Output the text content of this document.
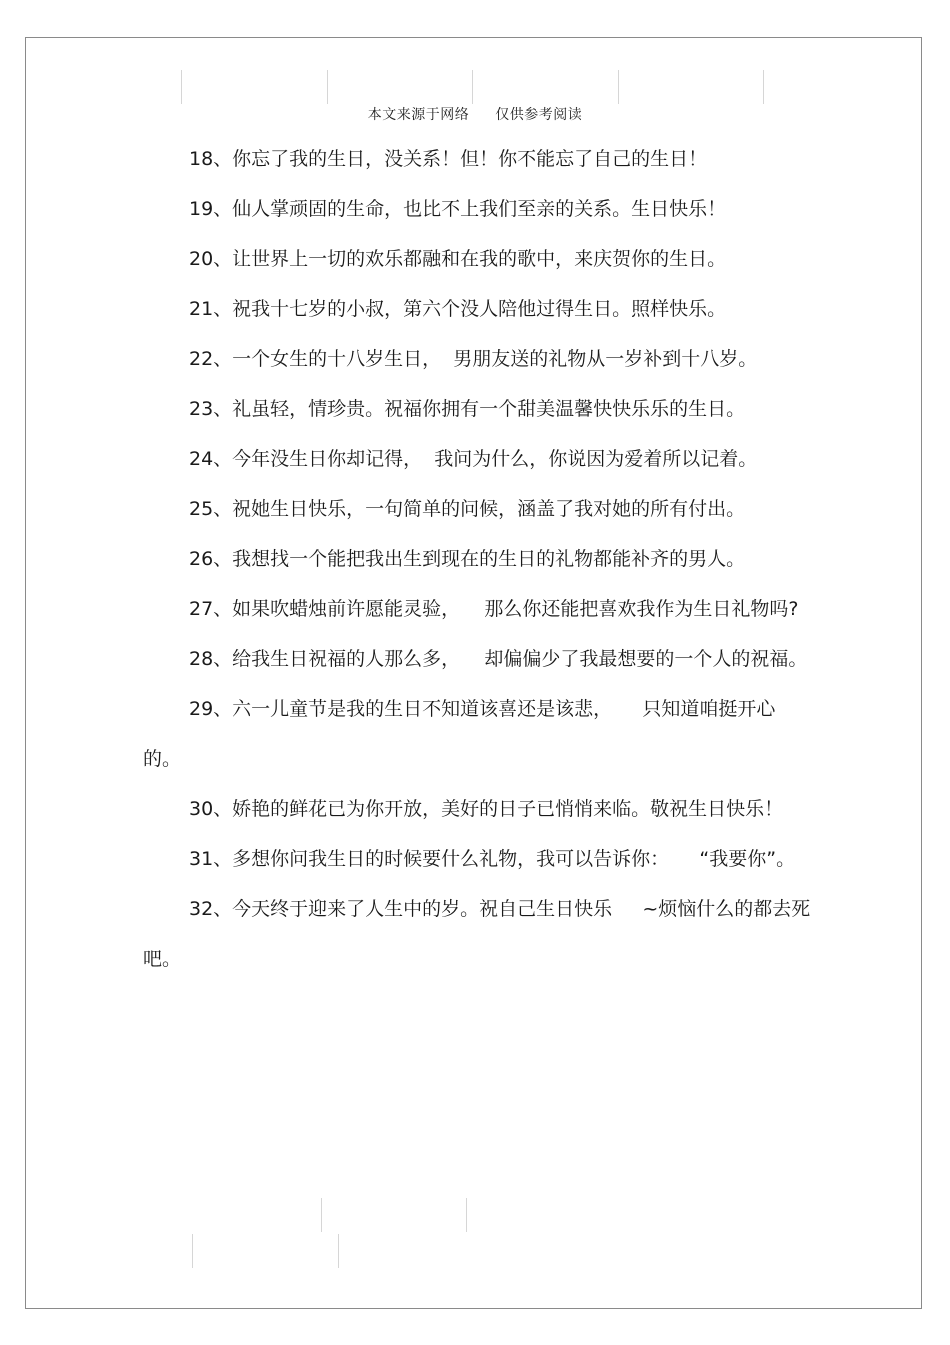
本文来源于网络 仅供参考阅读

18、你忘了我的生日，没关系！但！你不能忘了自己的生日！

19、仙人掌顽固的生命，也比不上我们至亲的关系。生日快乐！

20、让世界上一切的欢乐都融和在我的歌中，来庆贺你的生日。

21、祝我十七岁的小叔，第六个没人陪他过得生日。照样快乐。

22、一个女生的十八岁生日，  男朋友送的礼物从一岁补到十八岁。

23、礼虽轻，情珍贵。祝福你拥有一个甜美温馨快快乐乐的生日。

24、今年没生日你却记得，  我问为什么，你说因为爱着所以记着。

25、祝她生日快乐，一句简单的问候，涵盖了我对她的所有付出。

26、我想找一个能把我出生到现在的生日的礼物都能补齐的男人。

27、如果吹蜡烛前许愿能灵验，    那么你还能把喜欢我作为生日礼物吗?

28、给我生日祝福的人那么多，    却偏偏少了我最想要的一个人的祝福。

29、六一儿童节是我的生日不知道该喜还是该悲，     只知道咱挺开心的。

30、娇艳的鲜花已为你开放，美好的日子已悄悄来临。敬祝生日快乐！

31、多想你问我生日的时候要什么礼物，我可以告诉你：     “我要你”。

32、今天终于迎来了人生中的岁。祝自己生日快乐     ~烦恼什么的都去死吧。
